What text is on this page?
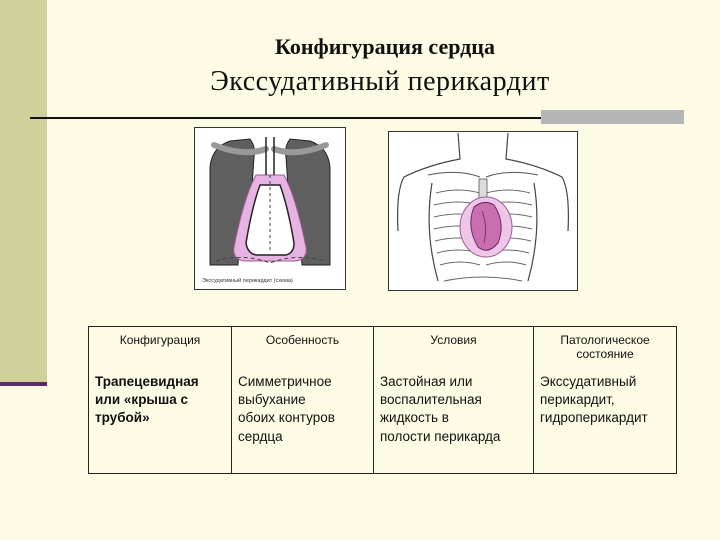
Конфигурация сердца
Экссудативный перикардит
Экссудативный перикардит (схема)
Конфигурация	Особенность	Условия	Патологическое
состояние
Трапецевидная
или «крыша с
трубой»	Симметричное
выбухание
обоих контуров
сердца	Застойная или
воспалительная
жидкость в
полости перикарда	Экссудативный
перикардит,
гидроперикардит
